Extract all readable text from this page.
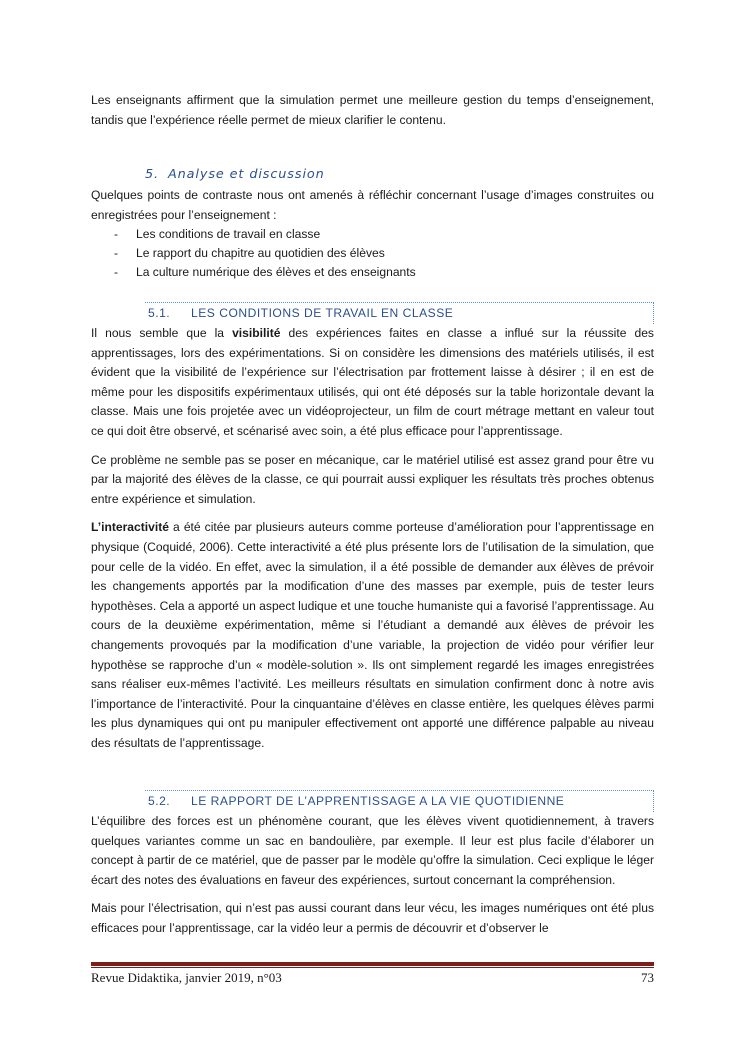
Les enseignants affirment que la simulation permet une meilleure gestion du temps d’enseignement, tandis que l’expérience réelle permet de mieux clarifier le contenu.

5. Analyse et discussion

Quelques points de contraste nous ont amenés à réfléchir concernant l’usage d’images construites ou enregistrées pour l’enseignement :

- Les conditions de travail en classe
- Le rapport du chapitre au quotidien des élèves
- La culture numérique des élèves et des enseignants
5.1. LES CONDITIONS DE TRAVAIL EN CLASSE

Il nous semble que la visibilité des expériences faites en classe a influé sur la réussite des apprentissages, lors des expérimentations. Si on considère les dimensions des matériels utilisés, il est évident que la visibilité de l’expérience sur l’électrisation par frottement laisse à désirer ; il en est de même pour les dispositifs expérimentaux utilisés, qui ont été déposés sur la table horizontale devant la classe. Mais une fois projetée avec un vidéoprojecteur, un film de court métrage mettant en valeur tout ce qui doit être observé, et scénarisé avec soin, a été plus efficace pour l’apprentissage.

Ce problème ne semble pas se poser en mécanique, car le matériel utilisé est assez grand pour être vu par la majorité des élèves de la classe, ce qui pourrait aussi expliquer les résultats très proches obtenus entre expérience et simulation.

L’interactivité a été citée par plusieurs auteurs comme porteuse d’amélioration pour l’apprentissage en physique (Coquidé, 2006). Cette interactivité a été plus présente lors de l’utilisation de la simulation, que pour celle de la vidéo. En effet, avec la simulation, il a été possible de demander aux élèves de prévoir les changements apportés par la modification d’une des masses par exemple, puis de tester leurs hypothèses. Cela a apporté un aspect ludique et une touche humaniste qui a favorisé l’apprentissage. Au cours de la deuxième expérimentation, même si l’étudiant a demandé aux élèves de prévoir les changements provoqués par la modification d’une variable, la projection de vidéo pour vérifier leur hypothèse se rapproche d’un « modèle-solution ». Ils ont simplement regardé les images enregistrées sans réaliser eux-mêmes l’activité. Les meilleurs résultats en simulation confirment donc à notre avis l’importance de l’interactivité. Pour la cinquantaine d’élèves en classe entière, les quelques élèves parmi les plus dynamiques qui ont pu manipuler effectivement ont apporté une différence palpable au niveau des résultats de l’apprentissage.

5.2. LE RAPPORT DE L’APPRENTISSAGE A LA VIE QUOTIDIENNE

L’équilibre des forces est un phénomène courant, que les élèves vivent quotidiennement, à travers quelques variantes comme un sac en bandoulière, par exemple. Il leur est plus facile d’élaborer un concept à partir de ce matériel, que de passer par le modèle qu’offre la simulation. Ceci explique le léger écart des notes des évaluations en faveur des expériences, surtout concernant la compréhension.

Mais pour l’électrisation, qui n’est pas aussi courant dans leur vécu, les images numériques ont été plus efficaces pour l’apprentissage, car la vidéo leur a permis de découvrir et d’observer le

Revue Didaktika, janvier 2019, n°03	73
